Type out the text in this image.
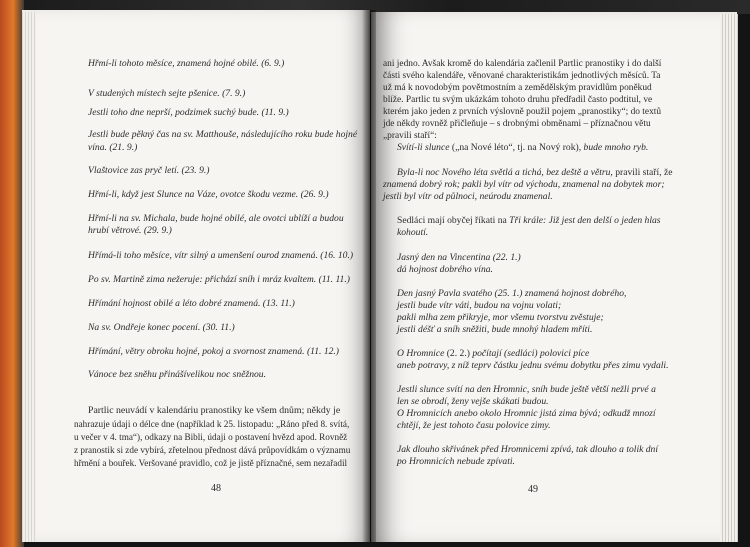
Hřmí-li tohoto měsíce, znamená hojné obilé. (6. 9.)
V studených místech sejte pšenice. (7. 9.)
Jestli toho dne neprší, podzimek suchý bude. (11. 9.)
Jestli bude pěkný čas na sv. Matthouše, následujícího roku bude hojné
vína. (21. 9.)
Vlaštovice zas pryč letí. (23. 9.)
Hřmí-li, když jest Slunce na Váze, ovotce škodu vezme. (26. 9.)
Hřmí-li na sv. Michala, bude hojné obilé, ale ovotci ublíží a budou
hrubí větrové. (29. 9.)
Hřímá-li toho měsíce, vítr silný a umenšení ourod znamená. (16. 10.)
Po sv. Martině zima nežeruje: přichází sníh i mráz kvaltem. (11. 11.)
Hřímání hojnost obilé a léto dobré znamená. (13. 11.)
Na sv. Ondřeje konec pocení. (30. 11.)
Hřímání, větry obroku hojné, pokoj a svornost znamená. (11. 12.)
Vánoce bez sněhu přinášívelikou noc sněžnou.
Partlic neuvádí v kalendáriu pranostiky ke všem dnům; někdy je
nahrazuje údaji o délce dne (například k 25. listopadu: „Ráno před 8. svítá,
u večer v 4. tma“), odkazy na Bibli, údaji o postavení hvězd apod. Rovněž
z pranostik si zde vybírá, zřetelnou přednost dává průpovídkám o významu
hřmění a bouřek. Veršované pravidlo, což je jistě příznačné, sem nezařadil
48
ani jedno. Avšak kromě do kalendária začlenil Partlic pranostiky i do další
části svého kalendáře, věnované charakteristikám jednotlivých měsíců. Ta
už má k novodobým povětmostním a zemědělským pravidlům poněkud
blíže. Partlic tu svým ukázkám tohoto druhu předřadil často podtitul, ve
kterém jako jeden z prvních výslovně použil pojem „pranostiky“; do textů
jde někdy rovněž přičleňuje – s drobnými obměnami – příznačnou větu
„pravili staří“:
Svítí-li slunce („na Nové léto“, tj. na Nový rok), bude mnoho ryb.
Byla-li noc Nového léta světlá a tichá, bez deště a větru, pravili staří, že
znamená dobrý rok; pakli byl vítr od východu, znamenal na dobytek mor;
jestli byl vítr od půlnoci, neúrodu znamenal.
Sedláci mají obyčej říkati na Tři krále: Již jest den delší o jeden hlas
kohoutí.
Jasný den na Vincentina (22. 1.)
dá hojnost dobrého vína.
Den jasný Pavla svatého (25. 1.) znamená hojnost dobrého,
jestli bude vítr váti, budou na vojnu volati;
pakli mlha zem přikryje, mor všemu tvorstvu zvěstuje;
jestli déšť a sníh sněžiti, bude mnohý hladem mříti.
O Hromnice (2. 2.) počítají (sedláci) polovici píce
aneb potravy, z níž teprv částku jednu svému dobytku přes zimu vydali.
Jestli slunce svítí na den Hromnic, sníh bude ještě větší nežli prvé a
len se obrodí, ženy vejše skákati budou.
O Hromnicích anebo okolo Hromnic jistá zima bývá; odkudž mnozí
chtějí, že jest tohoto času polovice zimy.
Jak dlouho skřivánek před Hromnicemi zpívá, tak dlouho a tolik dní
po Hromnicích nebude zpívati.
49
